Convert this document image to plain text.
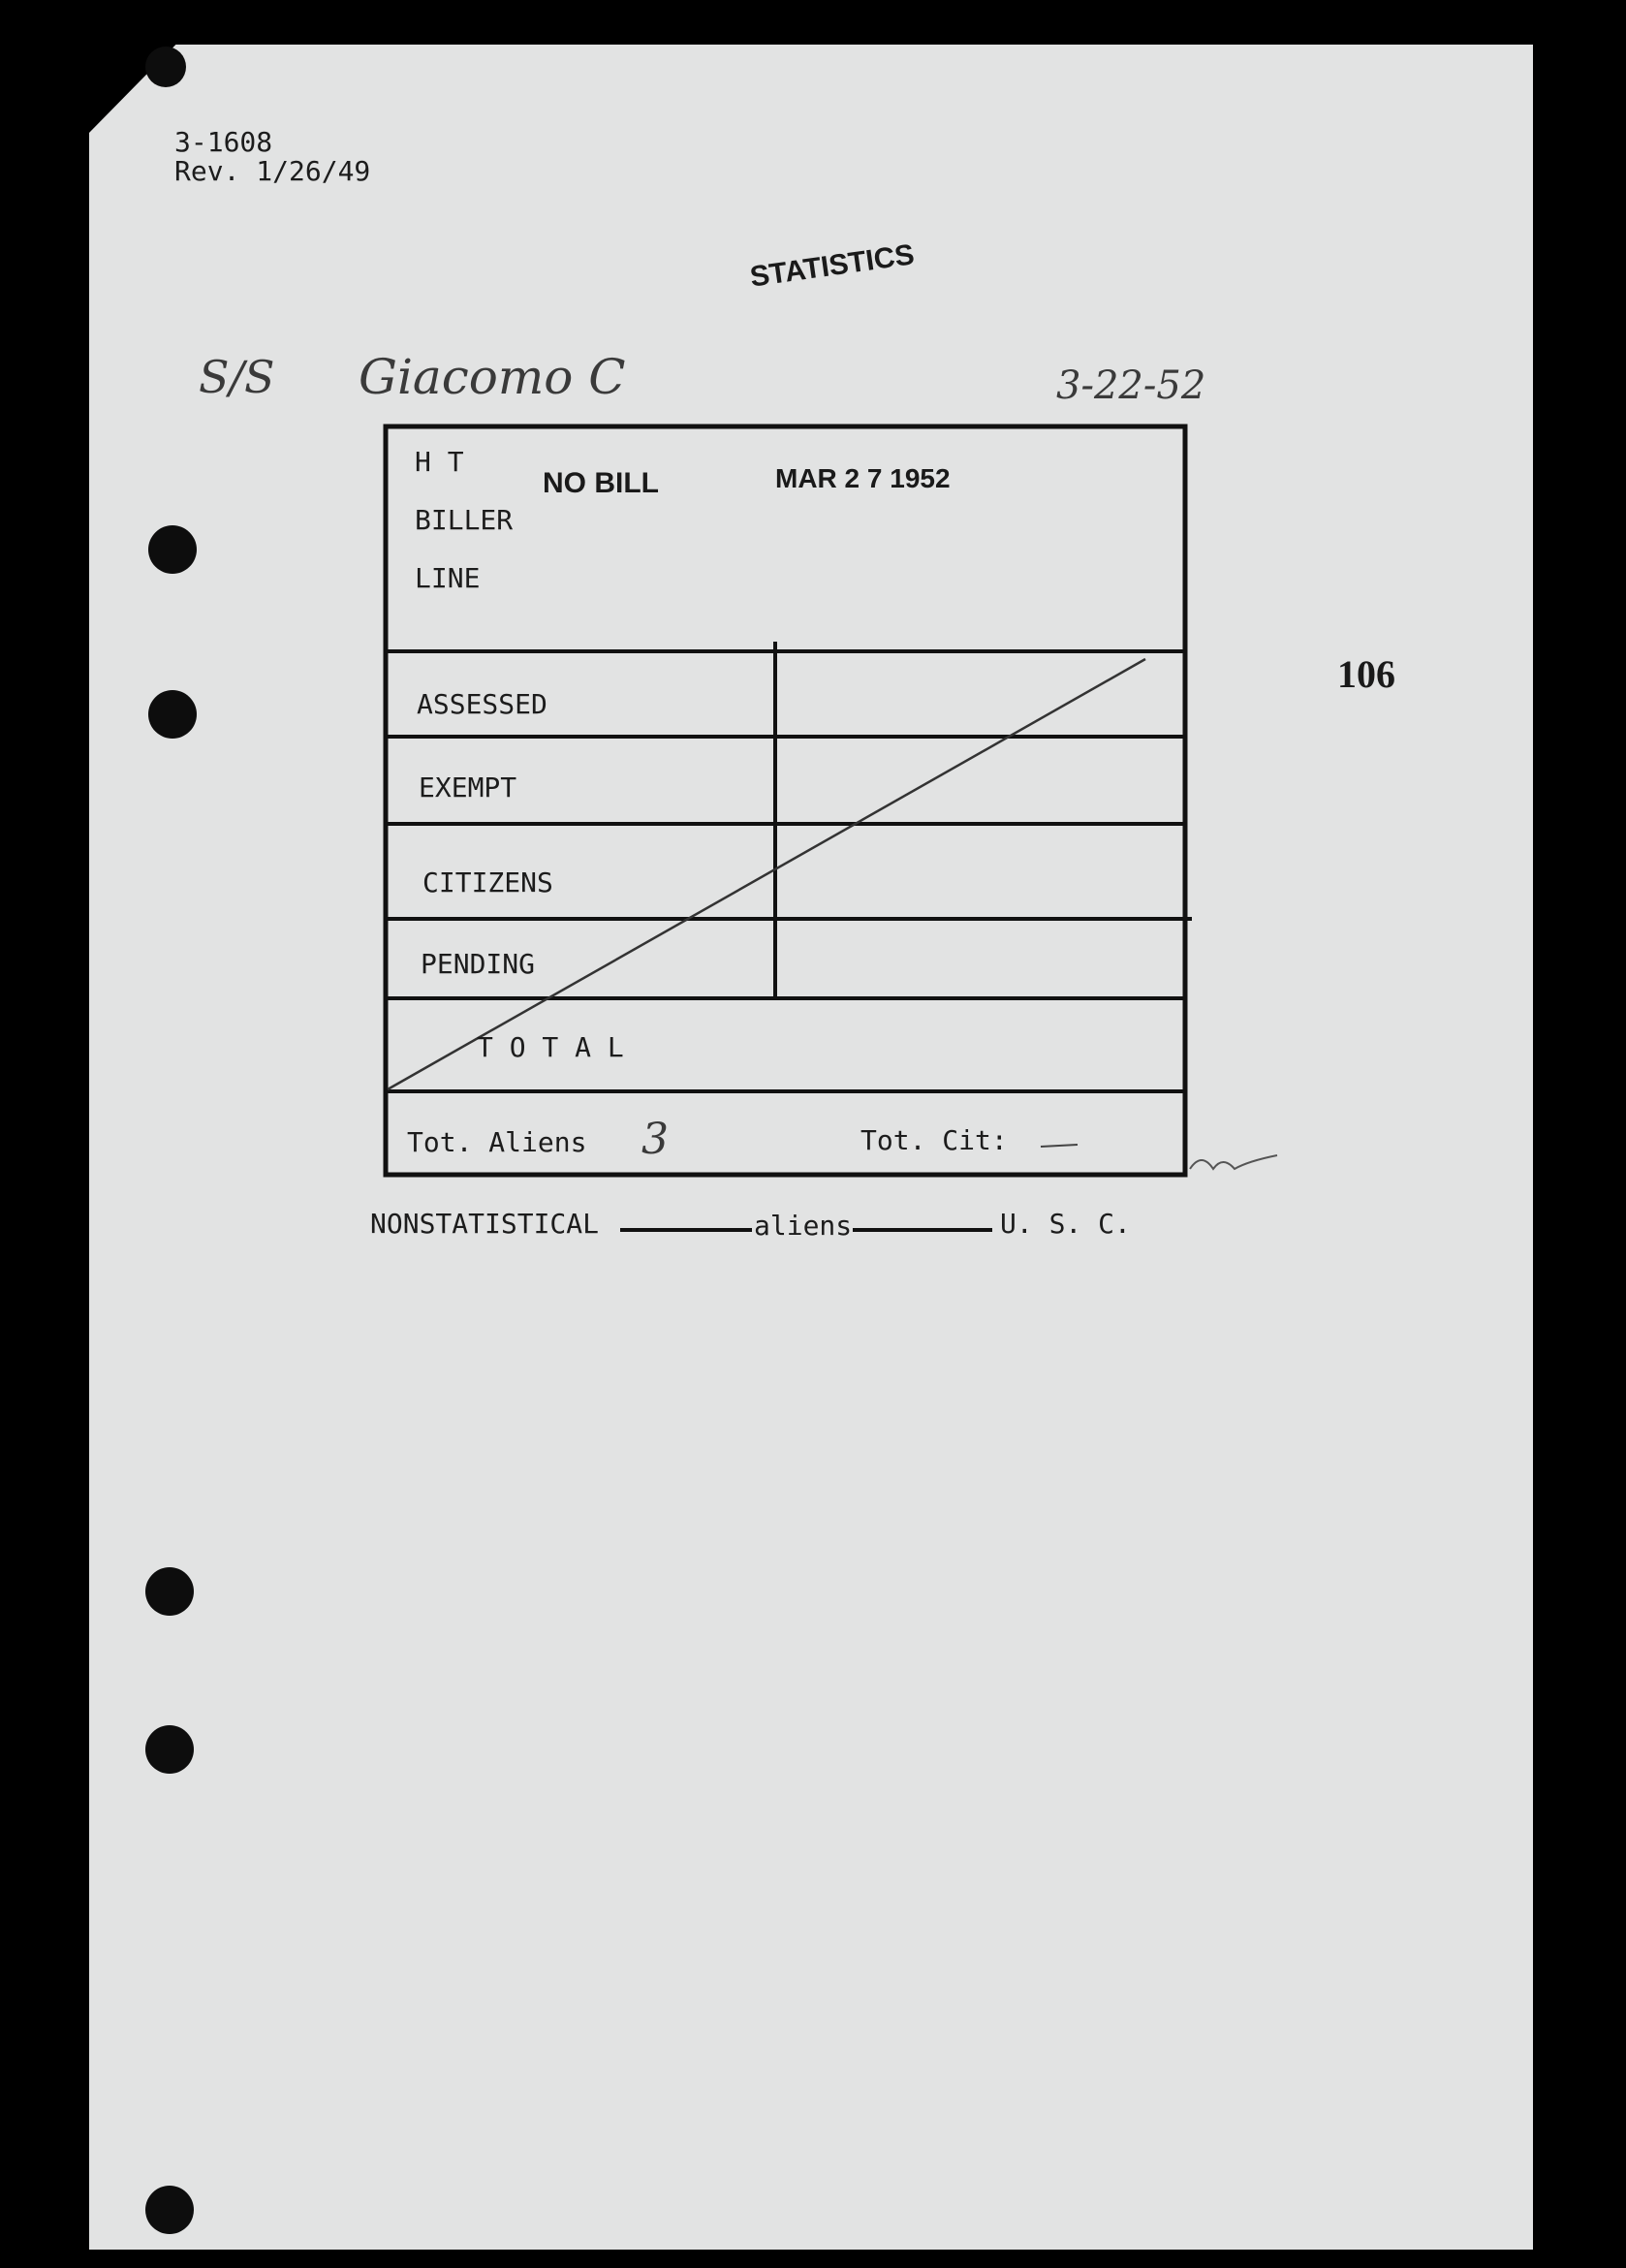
3-1608
Rev. 1/26/49
STATISTICS
S/S Giacomo C	3-22-52
H T
BILLER
LINE
NO BILL	MAR 2 7 1952
ASSESSED
EXEMPT
CITIZENS
PENDING
T O T A L
Tot. Aliens 3	Tot. Cit:
106
NONSTATISTICAL	aliens	U. S. C.
